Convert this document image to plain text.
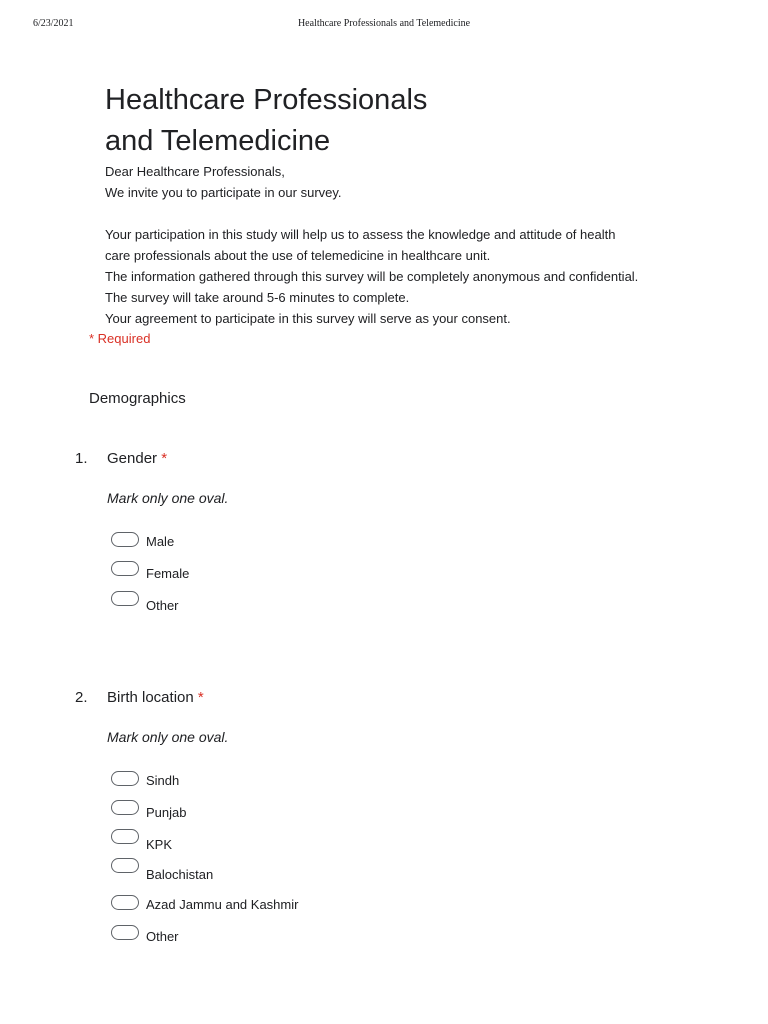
6/23/2021	Healthcare Professionals and Telemedicine
Healthcare Professionals
and Telemedicine
Dear Healthcare Professionals,
We invite you to participate in our survey.
Your participation in this study will help us to assess the knowledge and attitude of health
care professionals about the use of telemedicine in healthcare unit.
The information gathered through this survey will be completely anonymous and confidential.
The survey will take around 5-6 minutes to complete.
Your agreement to participate in this survey will serve as your consent.
* Required
Demographics
1. Gender *
Mark only one oval.
Male
Female
Other
2. Birth location *
Mark only one oval.
Sindh
Punjab
KPK
Balochistan
Azad Jammu and Kashmir
Other
